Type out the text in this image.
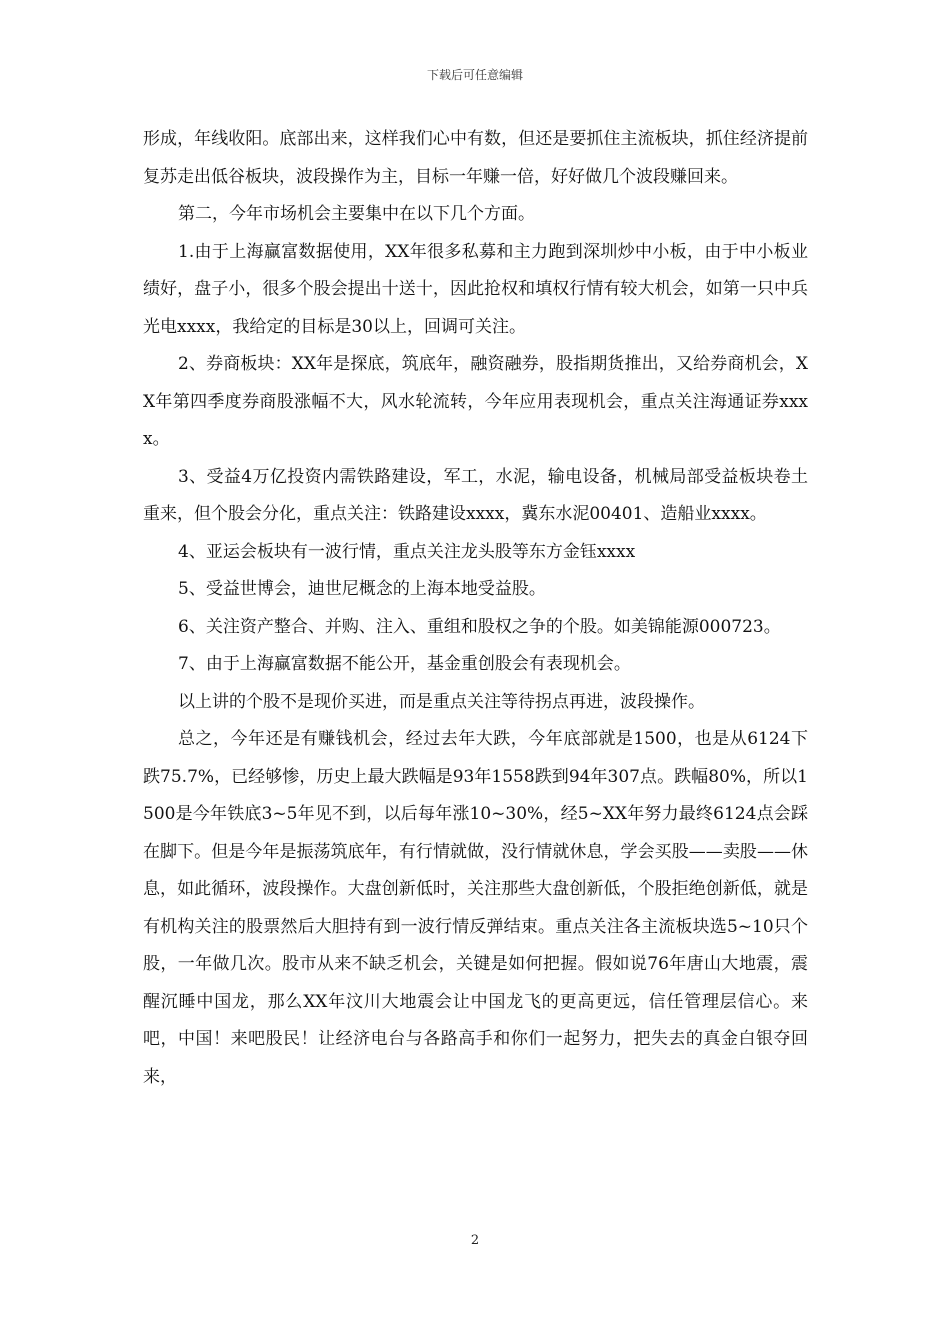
下载后可任意编辑

形成，年线收阳。底部出来，这样我们心中有数，但还是要抓住主流板块，抓住经济提前复苏走出低谷板块，波段操作为主，目标一年赚一倍，好好做几个波段赚回来。

第二，今年市场机会主要集中在以下几个方面。

1.由于上海赢富数据使用，XX年很多私募和主力跑到深圳炒中小板，由于中小板业绩好，盘子小，很多个股会提出十送十，因此抢权和填权行情有较大机会，如第一只中兵光电xxxx，我给定的目标是30以上，回调可关注。

2、券商板块：XX年是探底，筑底年，融资融券，股指期货推出，又给券商机会，XX年第四季度券商股涨幅不大，风水轮流转，今年应用表现机会，重点关注海通证券xxxx。

3、受益4万亿投资内需铁路建设，军工，水泥，输电设备，机械局部受益板块卷土重来，但个股会分化，重点关注：铁路建设xxxx，冀东水泥00401、造船业xxxx。

4、亚运会板块有一波行情，重点关注龙头股等东方金钰xxxx

5、受益世博会，迪世尼概念的上海本地受益股。

6、关注资产整合、并购、注入、重组和股权之争的个股。如美锦能源000723。

7、由于上海赢富数据不能公开，基金重创股会有表现机会。

以上讲的个股不是现价买进，而是重点关注等待拐点再进，波段操作。

总之，今年还是有赚钱机会，经过去年大跌，今年底部就是1500，也是从6124下跌75.7%，已经够惨，历史上最大跌幅是93年1558跌到94年307点。跌幅80%，所以1500是今年铁底3~5年见不到，以后每年涨10~30%，经5~XX年努力最终6124点会踩在脚下。但是今年是振荡筑底年，有行情就做，没行情就休息，学会买股——卖股——休息，如此循环，波段操作。大盘创新低时，关注那些大盘创新低，个股拒绝创新低，就是有机构关注的股票然后大胆持有到一波行情反弹结束。重点关注各主流板块选5~10只个股，一年做几次。股市从来不缺乏机会，关键是如何把握。假如说76年唐山大地震，震醒沉睡中国龙，那么XX年汶川大地震会让中国龙飞的更高更远，信任管理层信心。来吧，中国！来吧股民！让经济电台与各路高手和你们一起努力，把失去的真金白银夺回来，

2
